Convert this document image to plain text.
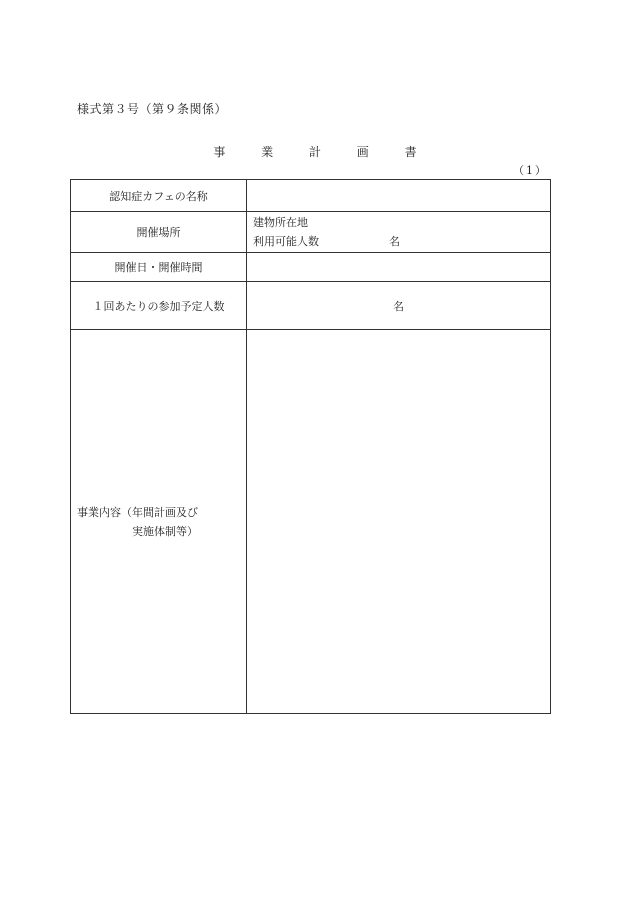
様式第３号（第９条関係）
事 業 計 画 書
（1）
認知症カフェの名称	
開催場所	建物所在地
利用可能人数 名

開催日・開催時間	
１回あたりの参加予定人数	名
事業内容（年間計画及び
実施体制等）	
